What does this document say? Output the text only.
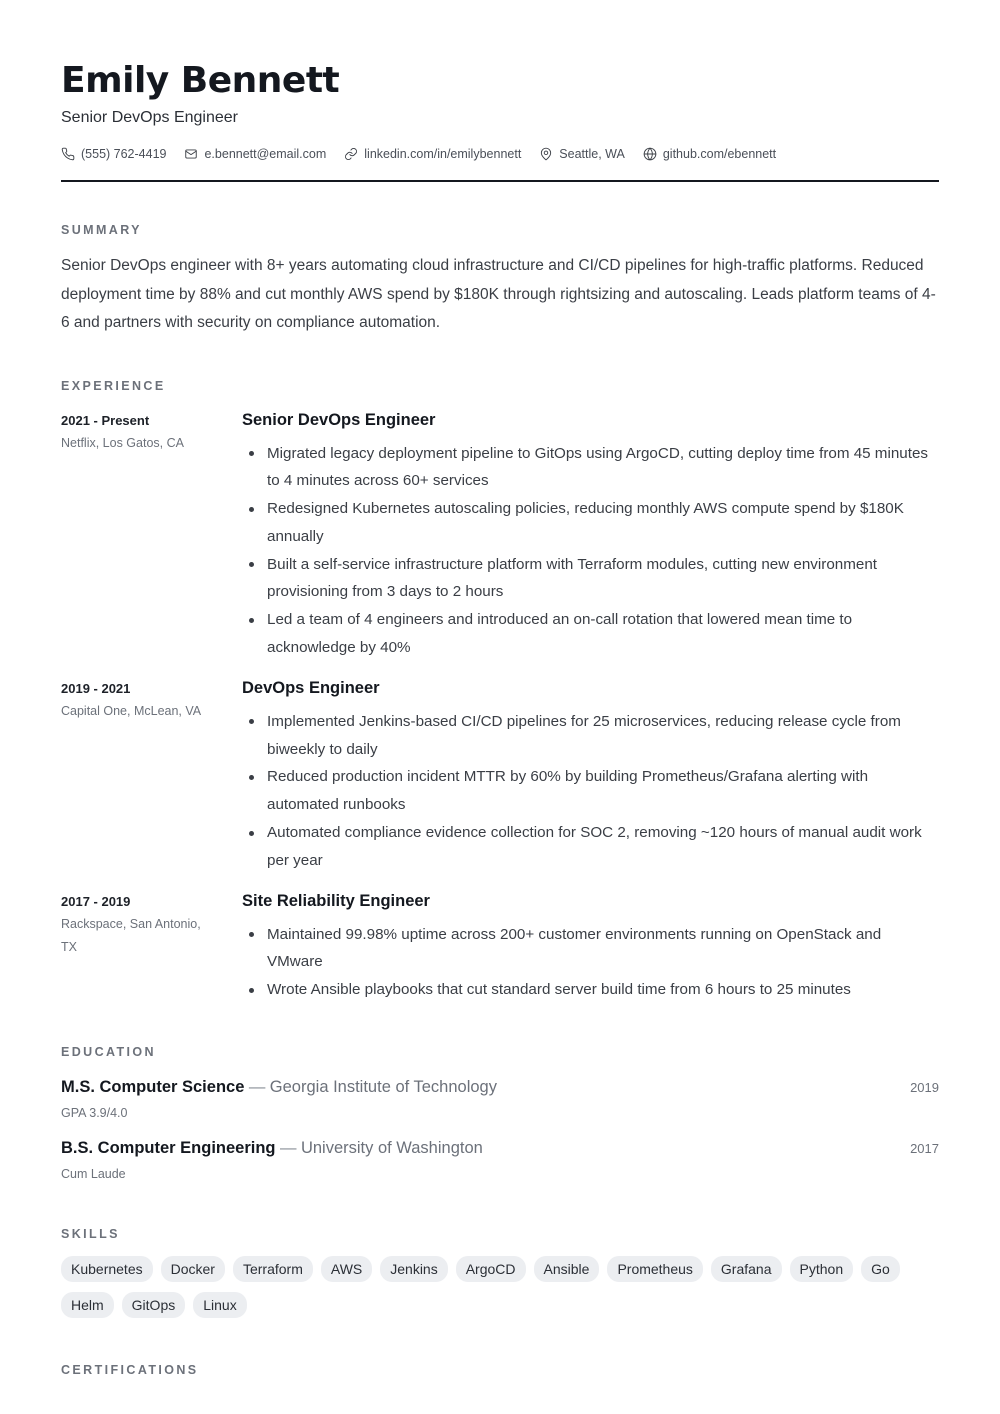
Emily Bennett
Senior DevOps Engineer
(555) 762-4419	e.bennett@email.com	linkedin.com/in/emilybennett	Seattle, WA	github.com/ebennett
SUMMARY

Senior DevOps engineer with 8+ years automating cloud infrastructure and CI/CD pipelines for high-traffic platforms. Reduced deployment time by 88% and cut monthly AWS spend by $180K through rightsizing and autoscaling. Leads platform teams of 4-6 and partners with security on compliance automation.

EXPERIENCE
2021 - Present
Netflix, Los Gatos, CA
Senior DevOps Engineer
Migrated legacy deployment pipeline to GitOps using ArgoCD, cutting deploy time from 45 minutes to 4 minutes across 60+ services
Redesigned Kubernetes autoscaling policies, reducing monthly AWS compute spend by $180K annually
Built a self-service infrastructure platform with Terraform modules, cutting new environment provisioning from 3 days to 2 hours
Led a team of 4 engineers and introduced an on-call rotation that lowered mean time to acknowledge by 40%
2019 - 2021
Capital One, McLean, VA
DevOps Engineer
Implemented Jenkins-based CI/CD pipelines for 25 microservices, reducing release cycle from biweekly to daily
Reduced production incident MTTR by 60% by building Prometheus/Grafana alerting with automated runbooks
Automated compliance evidence collection for SOC 2, removing ~120 hours of manual audit work per year
2017 - 2019
Rackspace, San Antonio, TX
Site Reliability Engineer
Maintained 99.98% uptime across 200+ customer environments running on OpenStack and VMware
Wrote Ansible playbooks that cut standard server build time from 6 hours to 25 minutes
EDUCATION
M.S. Computer Science — Georgia Institute of Technology	2019
GPA 3.9/4.0
B.S. Computer Engineering — University of Washington	2017
Cum Laude
SKILLS
Kubernetes	Docker	Terraform	AWS	Jenkins	ArgoCD	Ansible	Prometheus	Grafana	Python	Go
Helm	GitOps	Linux
CERTIFICATIONS
